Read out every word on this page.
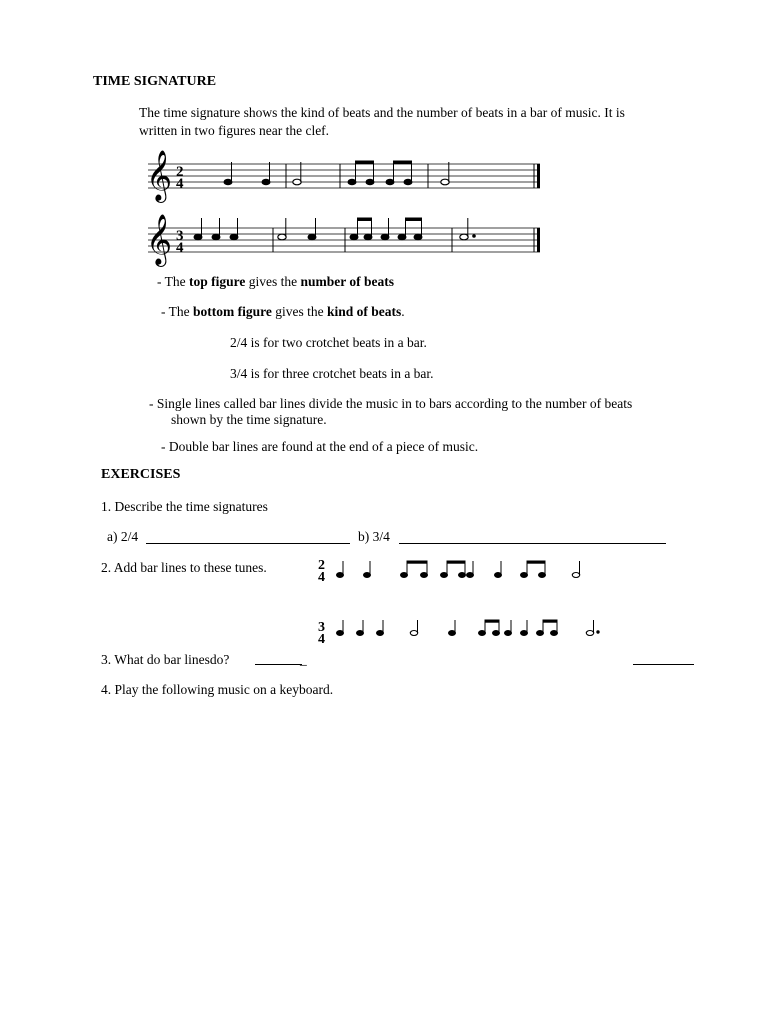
TIME SIGNATURE
The time signature shows the kind of beats and the number of beats in a bar of music. It is
written in two figures near the clef.
𝄞 2
4
𝄞 3
4
- The top figure gives the number of beats
- The bottom figure gives the kind of beats.
2/4 is for two crotchet beats in a bar.
3/4 is for three crotchet beats in a bar.
- Single lines called bar lines divide the music in to bars according to the number of beats
shown by the time signature.
- Double bar lines are found at the end of a piece of music.
EXERCISES
1. Describe the time signatures
a) 2/4	b) 3/4
2. Add bar lines to these tunes.	2
4
3
4
3. What do bar linesdo?	_
4. Play the following music on a keyboard.
